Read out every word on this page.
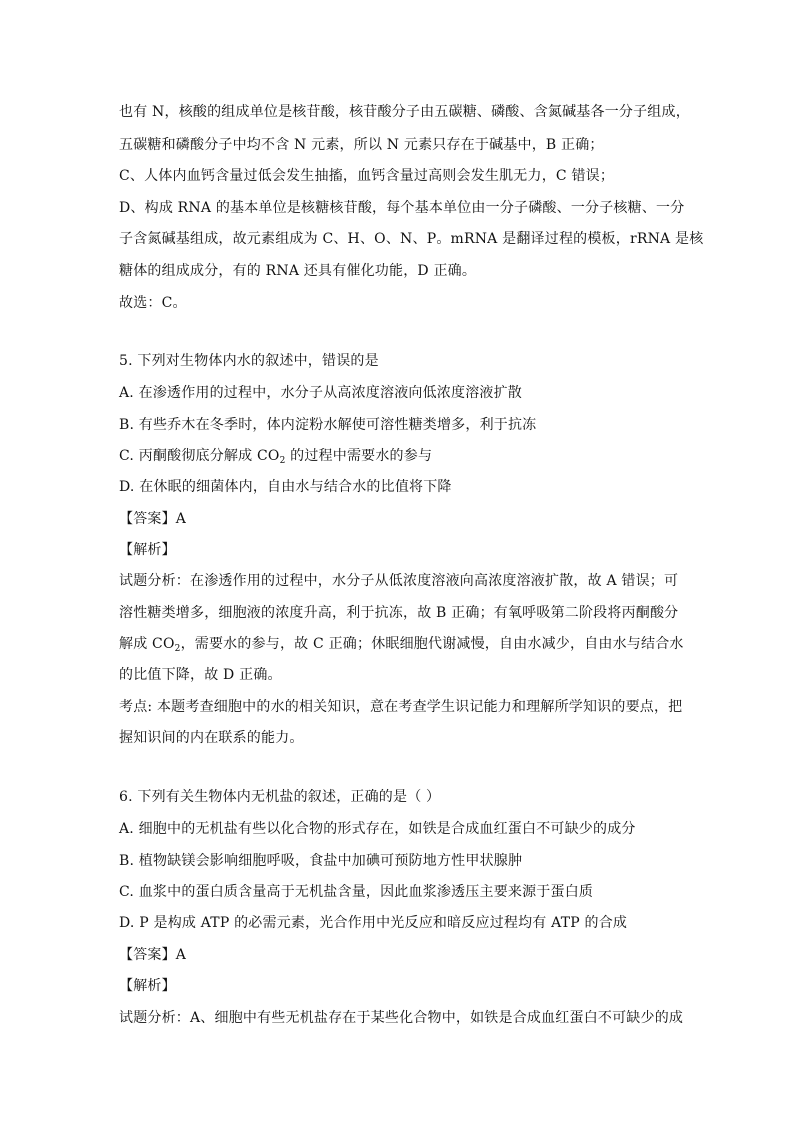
也有 N，核酸的组成单位是核苷酸，核苷酸分子由五碳糖、磷酸、含氮碱基各一分子组成，
五碳糖和磷酸分子中均不含 N 元素，所以 N 元素只存在于碱基中，B 正确；
C、人体内血钙含量过低会发生抽搐，血钙含量过高则会发生肌无力，C 错误；
D、构成 RNA 的基本单位是核糖核苷酸，每个基本单位由一分子磷酸、一分子核糖、一分
子含氮碱基组成，故元素组成为 C、H、O、N、P。mRNA 是翻译过程的模板，rRNA 是核
糖体的组成成分，有的 RNA 还具有催化功能，D 正确。
故选：C。
5. 下列对生物体内水的叙述中，错误的是
A. 在渗透作用的过程中，水分子从高浓度溶液向低浓度溶液扩散
B. 有些乔木在冬季时，体内淀粉水解使可溶性糖类增多，利于抗冻
C. 丙酮酸彻底分解成 $CO_2$ 的过程中需要水的参与
D. 在休眠的细菌体内，自由水与结合水的比值将下降
【答案】A
【解析】
试题分析：在渗透作用的过程中，水分子从低浓度溶液向高浓度溶液扩散，故 A 错误；可
溶性糖类增多，细胞液的浓度升高，利于抗冻，故 B 正确；有氧呼吸第二阶段将丙酮酸分
解成 $CO_2$，需要水的参与，故 C 正确；休眠细胞代谢减慢，自由水减少，自由水与结合水
的比值下降，故 D 正确。
考点: 本题考查细胞中的水的相关知识，意在考查学生识记能力和理解所学知识的要点，把
握知识间的内在联系的能力。
6. 下列有关生物体内无机盐的叙述，正确的是（ ）
A. 细胞中的无机盐有些以化合物的形式存在，如铁是合成血红蛋白不可缺少的成分
B. 植物缺镁会影响细胞呼吸，食盐中加碘可预防地方性甲状腺肿
C. 血浆中的蛋白质含量高于无机盐含量，因此血浆渗透压主要来源于蛋白质
D. P 是构成 ATP 的必需元素，光合作用中光反应和暗反应过程均有 ATP 的合成
【答案】A
【解析】
试题分析：A、细胞中有些无机盐存在于某些化合物中，如铁是合成血红蛋白不可缺少的成
